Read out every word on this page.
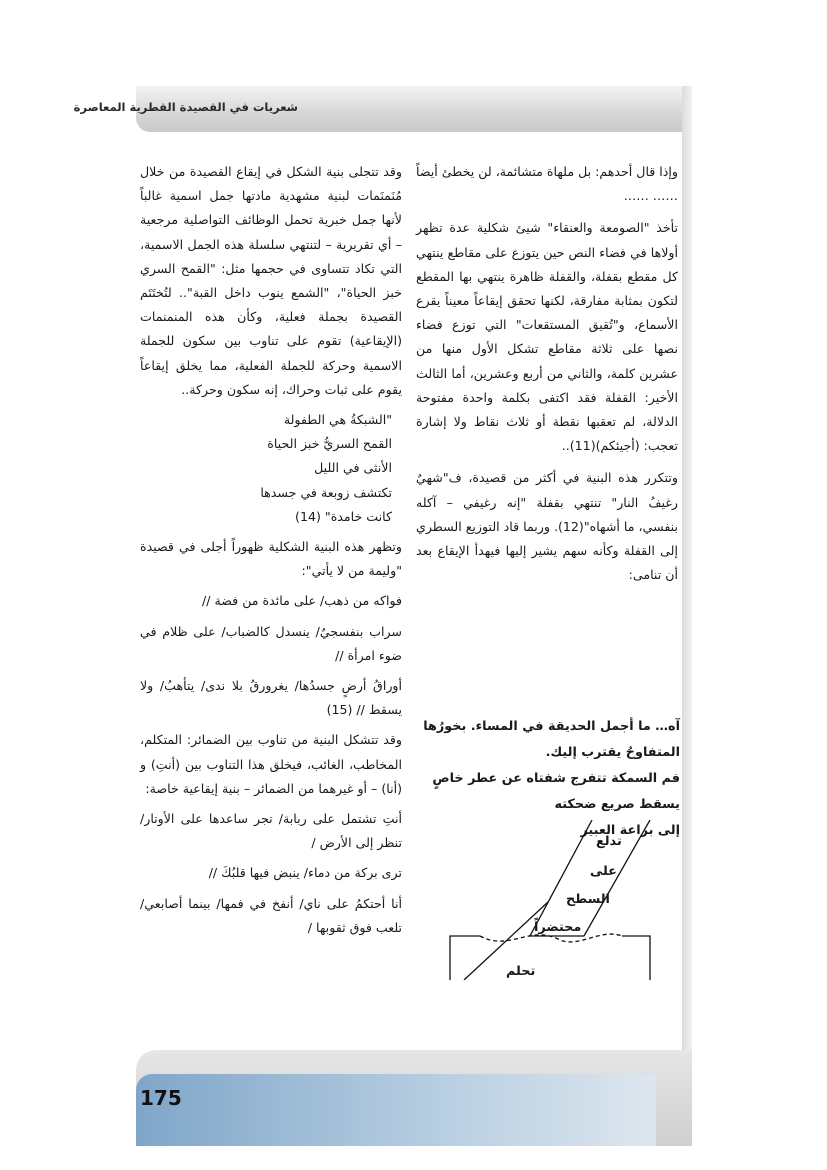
شعريات في القصيدة القطرية المعاصرة

وإذا قال أحدهم: بل ملهاة متشائمة، لن يخطئ أيضاً

…… ……

تأخذ "الصومعة والعنقاء" شيئ شكلية عدة تظهر أولاها في فضاء النص حين يتوزع على مقاطع ينتهي كل مقطع بقفلة، والقفلة ظاهرة ينتهي بها المقطع لتكون بمثابة مفارقة، لكنها تحقق إيقاعاً معيناً يقرع الأسماع، و"تُقيق المستقعات" التي توزع فضاء نصها على ثلاثة مقاطع تشكل الأول منها من عشرين كلمة، والثاني من أربع وعشرين، أما الثالث الأخير: القفلة فقد اكتفى بكلمة واحدة مفتوحة الدلالة، لم تعقبها نقطة أو ثلاث نقاط ولا إشارة تعجب: (أجيئكم)(11)..

وتتكرر هذه البنية في أكثر من قصيدة، ف"شهيٌ رغيفُ النار" تنتهي بقفلة "إنه رغيفي – آكله بنفسي، ما أشهاه"(12). وربما قاد التوزيع السطري إلى القفلة وكأنه سهم يشير إليها فيهدأ الإيقاع بعد أن تنامى:

آه… ما أجمل الحديقة في المساء. بخورُها المتفاوحُ يقترب إليك.

فم السمكة تتفرج شفتاه عن عطر خاصٍ

يسقط صريع ضحكته

إلى براعة العبير

تدلع
على
السطح
محتضراً
تحلم

وقد تتجلى بنية الشكل في إيقاع القصيدة من خلال مُنَمنَمات لبنية مشهدية مادتها جمل اسمية غالباً لأنها جمل خبرية تحمل الوظائف التواصلية مرجعية – أي تقريرية – لتنتهي سلسلة هذه الجمل الاسمية، التي تكاد تتساوى في حجمها مثل: "القمح السري خبز الحياة"، "الشمع ينوب داخل القبة".. لتُختَتَم القصيدة بجملة فعلية، وكأن هذه المنمنمات (الإيقاعية) تقوم على تناوب بين سكون للجملة الاسمية وحركة للجملة الفعلية، مما يخلق إيقاعاً يقوم على ثبات وحراك، إنه سكون وحركة..

"الشبكةُ هي الطفولة

القمح السريُّ خبز الحياة

الأنثى في الليل

تكتشف زوبعة في جسدها

كانت خامدة" (14)

وتظهر هذه البنية الشكلية ظهوراً أجلى في قصيدة "وليمة من لا يأتي":

فواكه من ذهب/ على مائدة من فضة //

سراب بنفسجيٌ/ ينسدل كالضباب/ على ظلام في ضوء امرأة //

أوراقُ أرضٍ جسدُها/ يغرورقُ بلا ندى/ يتأهبُ/ ولا يسقط // (15)

وقد تتشكل البنية من تناوب بين الضمائر: المتكلم، المخاطب، الغائب، فيخلق هذا التناوب بين (أنتِ) و (أنا) – أو غيرهما من الضمائر – بنية إيقاعية خاصة:

أنتِ تشتمل على ربابة/ تجر ساعدها على الأوتار/ تنظر إلى الأرض /

ترى بركة من دماء/ ينبض فيها قلبُكَ //

أنا أحتكمُ على ناي/ أنفخ في فمها/ بينما أصابعي/ تلعب فوق ثقوبها /

175
